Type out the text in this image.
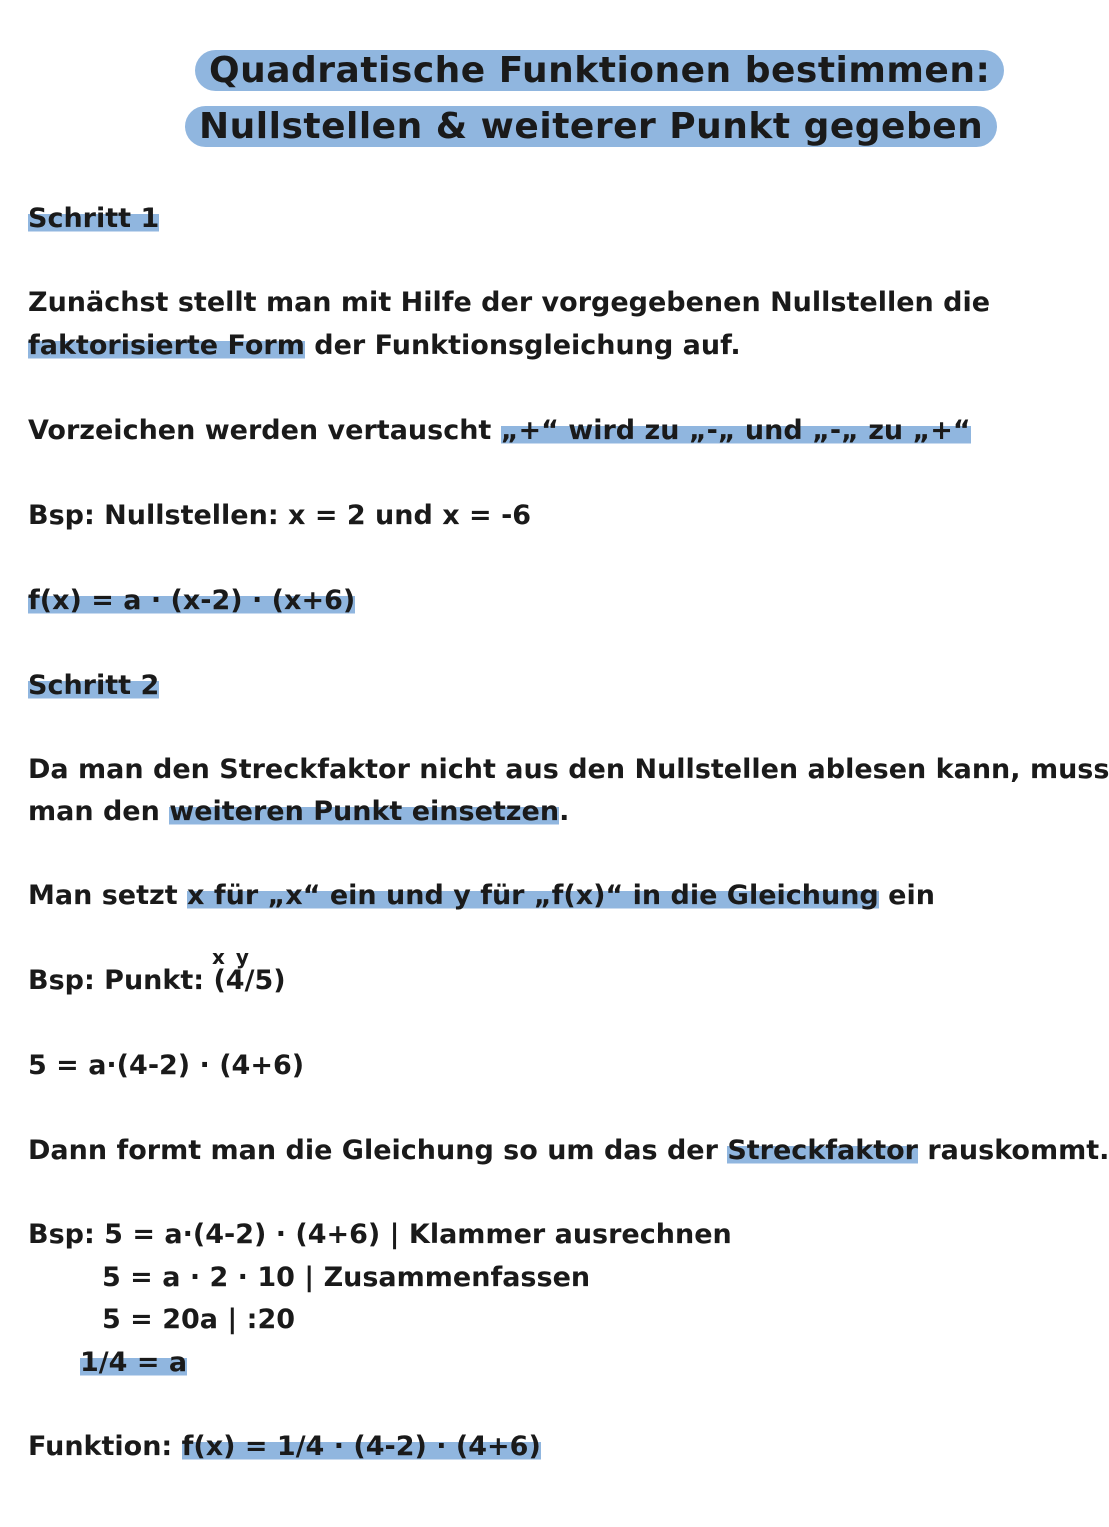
Quadratische Funktionen bestimmen:
Nullstellen & weiterer Punkt gegeben
Schritt 1
Zunächst stellt man mit Hilfe der vorgegebenen Nullstellen die
faktorisierte Form der Funktionsgleichung auf.
Vorzeichen werden vertauscht „+“ wird zu „-„ und „-„ zu „+“
Bsp: Nullstellen: x = 2 und x = -6
f(x) = a · (x-2) · (x+6)
Schritt 2
Da man den Streckfaktor nicht aus den Nullstellen ablesen kann, muss
man den weiteren Punkt einsetzen.
Man setzt x für „x“ ein und y für „f(x)“ in die Gleichung ein
x y
Bsp: Punkt: (4/5)
5 = a·(4-2) · (4+6)
Dann formt man die Gleichung so um das der Streckfaktor rauskommt.
Bsp: 5 = a·(4-2) · (4+6) | Klammer ausrechnen
5 = a · 2 · 10 | Zusammenfassen
5 = 20a | :20
1/4 = a
Funktion: f(x) = 1/4 · (4-2) · (4+6)
